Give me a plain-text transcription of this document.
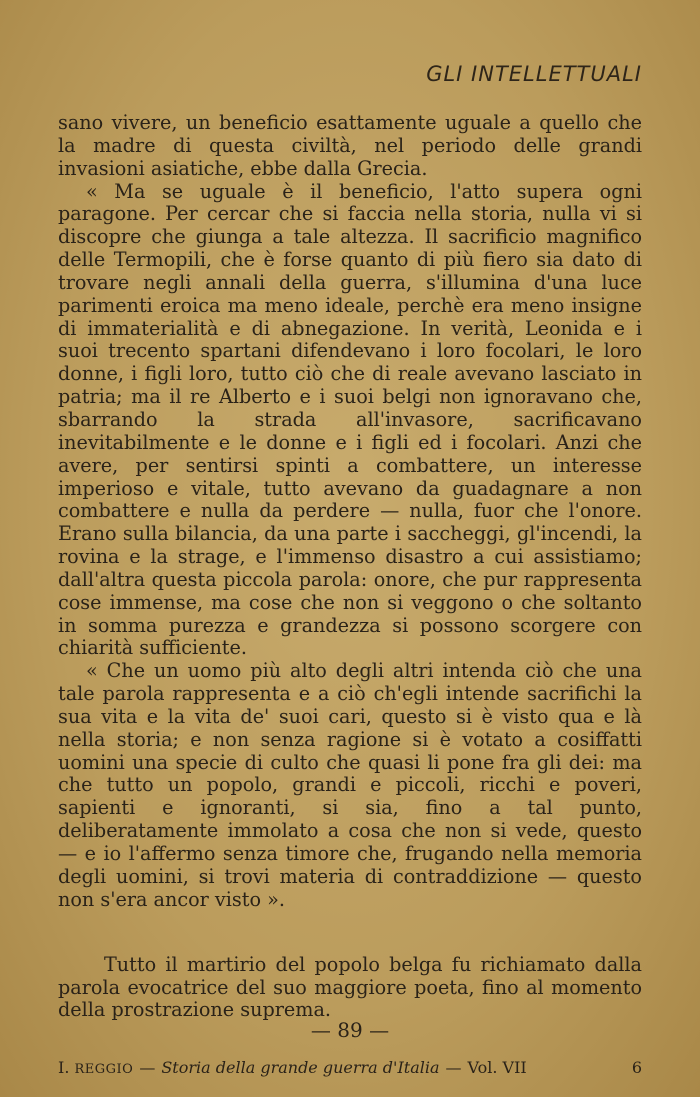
GLI INTELLETTUALI

sano vivere, un beneficio esattamente uguale a quello che la madre di questa civiltà, nel periodo delle grandi invasioni asiatiche, ebbe dalla Grecia.

« Ma se uguale è il beneficio, l'atto supera ogni paragone. Per cercar che si faccia nella storia, nulla vi si discopre che giunga a tale altezza. Il sacrificio magnifico delle Termopili, che è forse quanto di più fiero sia dato di trovare negli annali della guerra, s'illumina d'una luce parimenti eroica ma meno ideale, perchè era meno insigne di immaterialità e di abnegazione. In verità, Leonida e i suoi trecento spartani difendevano i loro focolari, le loro donne, i figli loro, tutto ciò che di reale avevano lasciato in patria; ma il re Alberto e i suoi belgi non ignoravano che, sbarrando la strada all'invasore, sacrificavano inevitabilmente e le donne e i figli ed i focolari. Anzi che avere, per sentirsi spinti a combattere, un interesse imperioso e vitale, tutto avevano da guadagnare a non combattere e nulla da perdere — nulla, fuor che l'onore. Erano sulla bilancia, da una parte i saccheggi, gl'incendi, la rovina e la strage, e l'immenso disastro a cui assistiamo; dall'altra questa piccola parola: onore, che pur rappresenta cose immense, ma cose che non si veggono o che soltanto in somma purezza e grandezza si possono scorgere con chiarità sufficiente.

« Che un uomo più alto degli altri intenda ciò che una tale parola rappresenta e a ciò ch'egli intende sacrifichi la sua vita e la vita de' suoi cari, questo si è visto qua e là nella storia; e non senza ragione si è votato a cosiffatti uomini una specie di culto che quasi li pone fra gli dei: ma che tutto un popolo, grandi e piccoli, ricchi e poveri, sapienti e ignoranti, si sia, fino a tal punto, deliberatamente immolato a cosa che non si vede, questo — e io l'affermo senza timore che, frugando nella memoria degli uomini, si trovi materia di contraddizione — questo non s'era ancor visto ».

Tutto il martirio del popolo belga fu richiamato dalla parola evocatrice del suo maggiore poeta, fino al momento della prostrazione suprema.

— 89 —
I. REGGIO — Storia della grande guerra d'Italia — Vol. VII	6
